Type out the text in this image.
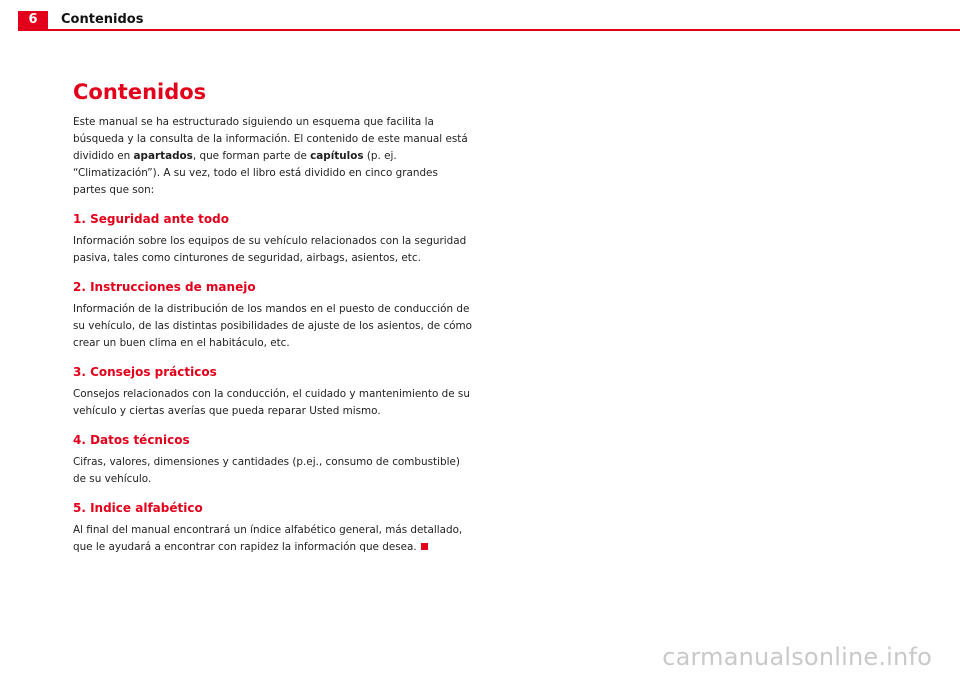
6	Contenidos
Contenidos

Este manual se ha estructurado siguiendo un esquema que facilita la búsqueda y la consulta de la información. El contenido de este manual está dividido en apartados, que forman parte de capítulos (p. ej. “Climatización”). A su vez, todo el libro está dividido en cinco grandes partes que son:

1. Seguridad ante todo

Información sobre los equipos de su vehículo relacionados con la seguridad pasiva, tales como cinturones de seguridad, airbags, asientos, etc.

2. Instrucciones de manejo

Información de la distribución de los mandos en el puesto de conducción de su vehículo, de las distintas posibilidades de ajuste de los asientos, de cómo crear un buen clima en el habitáculo, etc.

3. Consejos prácticos

Consejos relacionados con la conducción, el cuidado y mantenimiento de su vehículo y ciertas averías que pueda reparar Usted mismo.

4. Datos técnicos

Cifras, valores, dimensiones y cantidades (p.ej., consumo de combustible) de su vehículo.

5. Indice alfabético

Al final del manual encontrará un índice alfabético general, más detallado, que le ayudará a encontrar con rapidez la información que desea.

carmanualsonline.info
